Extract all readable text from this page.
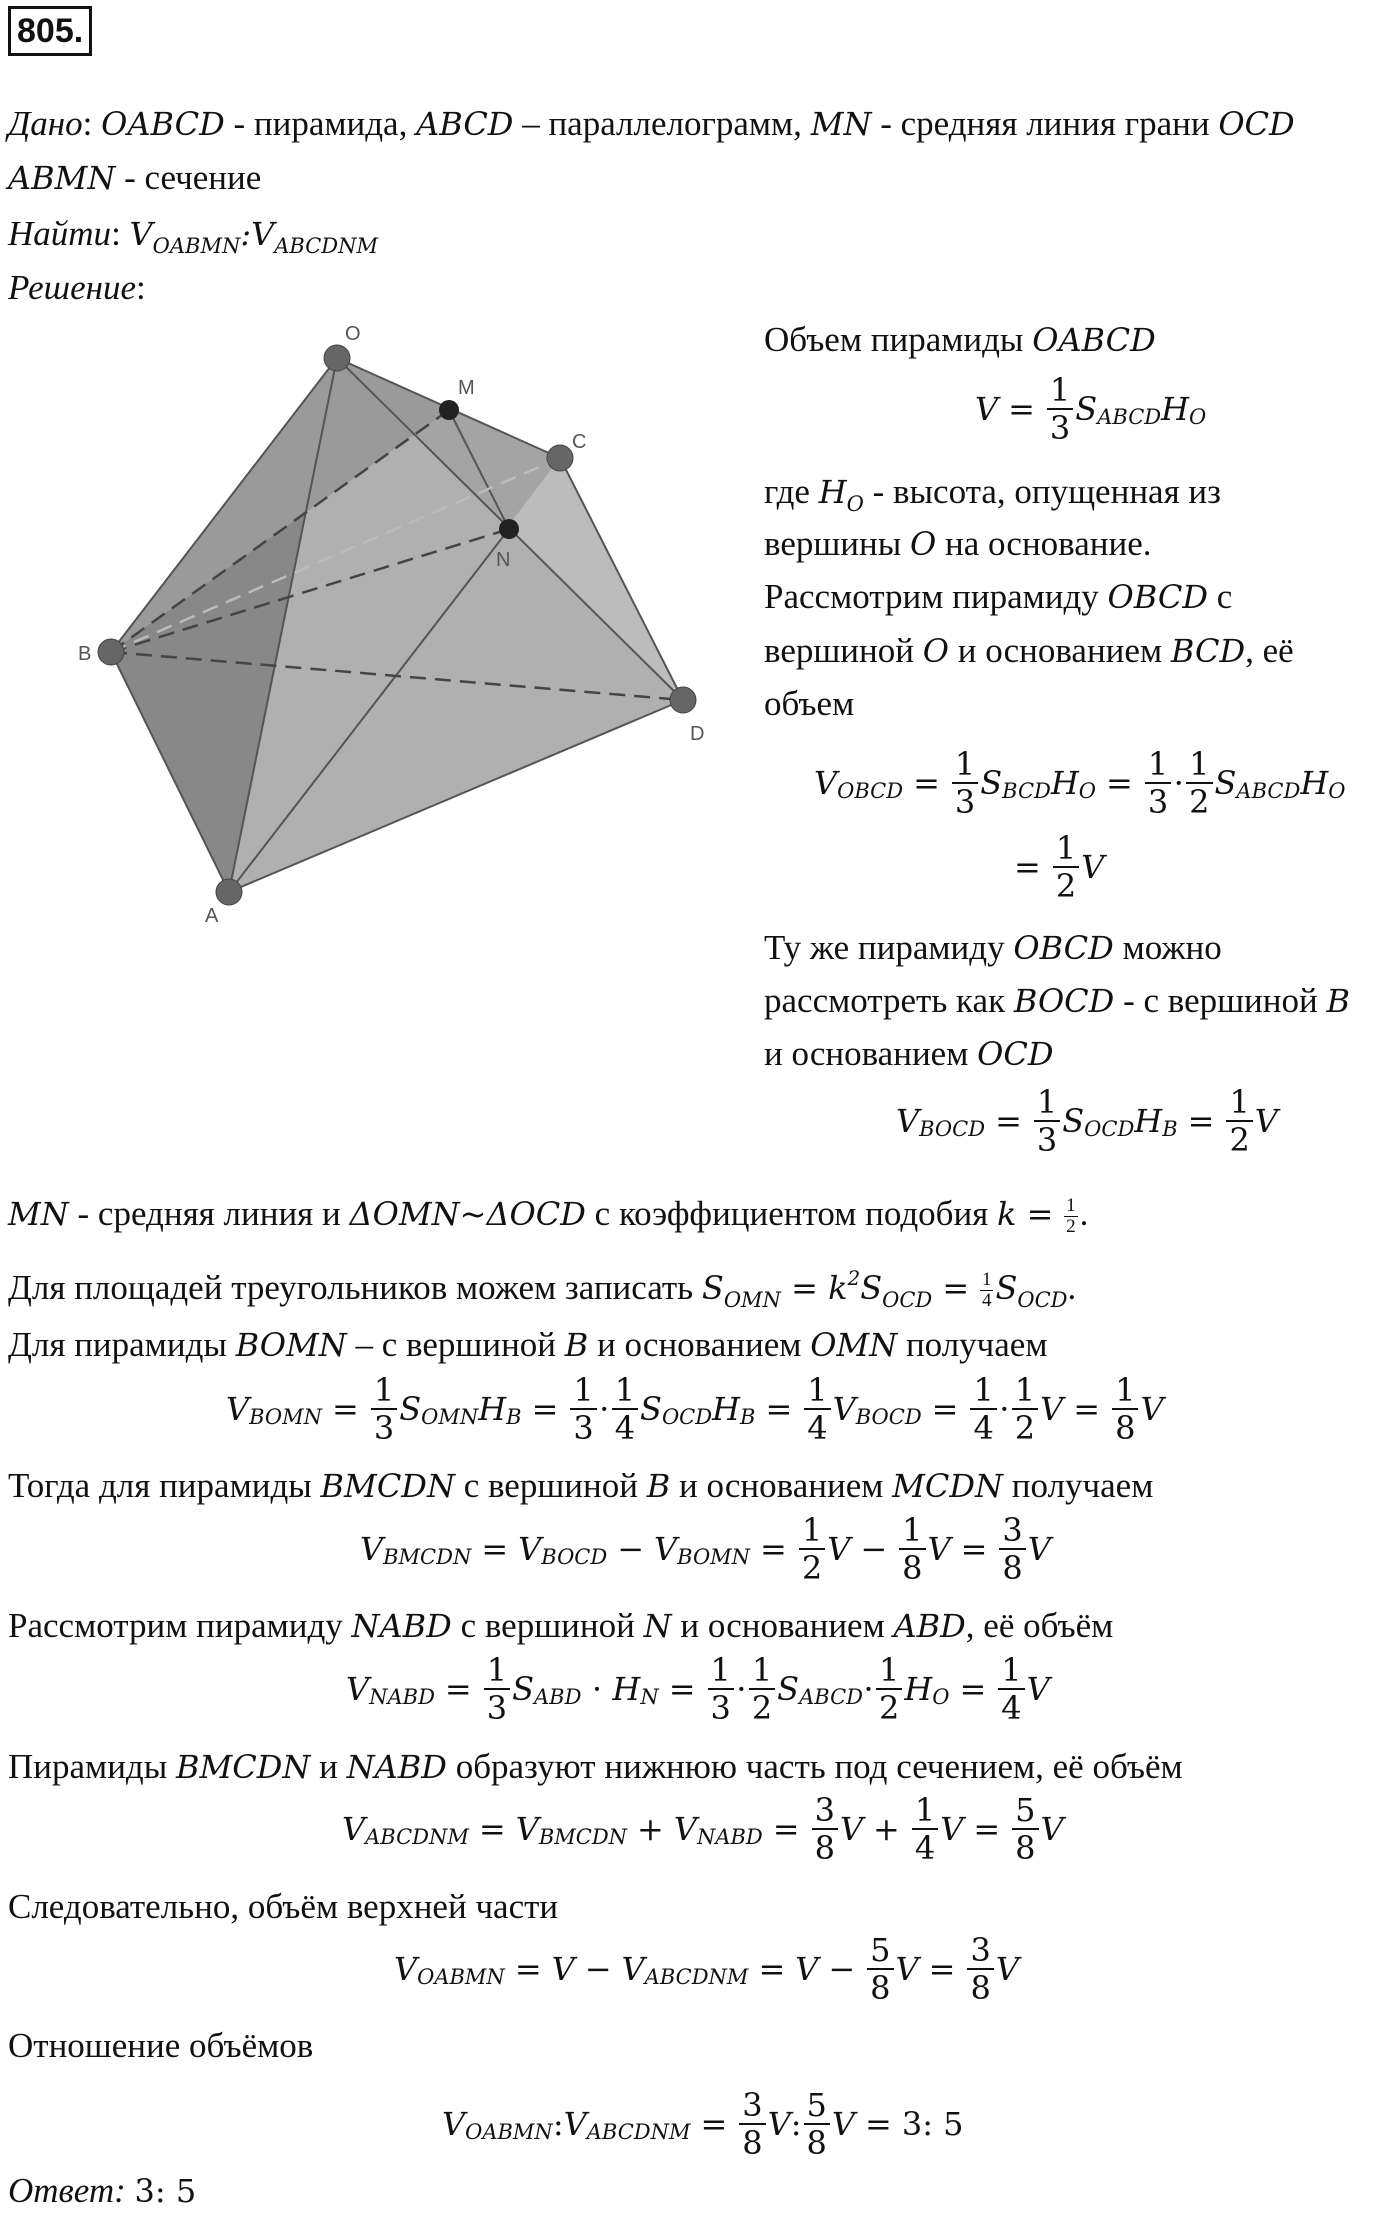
805.
Дано: OABCD - пирамида, ABCD – параллелограмм, MN - средняя линия грани OCD
ABMN - сечение
Найти: $V_{OABMN}:V_{ABCDNM}$
Решение:
O
M
C
N
B
D
A
Объем пирамиды OABCD
$V = \frac{1}{3}$ S ABCD H O
где $H_O$ - высота, опущенная из
вершины O на основание.
Рассмотрим пирамиду OBCD с
вершиной O и основанием BCD, её
объем
V OBCD = $\frac{1}{3}$ S BCD H $O = \frac{1}{3} \cdot 1$
2 S ABCD H O
= $\frac{1}{2}$ V
Ту же пирамиду OBCD можно
рассмотреть как BOCD - с вершиной B
и основанием OCD
V BOCD = $\frac{1}{3}$ S OCD H $B = \frac{1}{2}$ V
MN - средняя линия и ΔOMN~ΔOCD с коэффициентом подобия $k = \frac{1}{2}$ .
Для площадей треугольников можем записать $S_{OMN} = k^2S_{OCD} = \frac{1}{4} S_{OCD}$.
Для пирамиды BOMN – с вершиной B и основанием OMN получаем
V BOMN = $\frac{1}{3}$ S OMN H $B = \frac{1}{3} \cdot 1$
4 S OCD H $B = \frac{1}{4}$ V BOCD = $\frac{1}{4} \cdot 1$
2 $V = \frac{1}{8}$ V
Тогда для пирамиды BMCDN с вершиной B и основанием MCDN получаем
V BMCDN = V BOCD − V BOMN = $\frac{1}{2}$ $V - \frac{1}{8}$ $V = \frac{3}{8}$ V
Рассмотрим пирамиду NABD с вершиной N и основанием ABD, её объём
V NABD = $\frac{1}{3}$ S ABD ⋅ H $N = \frac{1}{3} \cdot 1$
2 S ABCD ⋅ 1
2 H $O = \frac{1}{4}$ V
Пирамиды BMCDN и NABD образуют нижнюю часть под сечением, её объём
V ABCDNM = V BMCDN + V NABD = $\frac{3}{8}$ $V + \frac{1}{4}$ $V = \frac{5}{8}$ V
Следовательно, объём верхней части
V OABMN = V − V ABCDNM = $V - \frac{5}{8}$ $V = \frac{3}{8}$ V
Отношение объёмов
V OABMN : V ABCDNM = $\frac{3}{8}$ V : 5
8 V = 3: 5
Ответ: 3: 5
